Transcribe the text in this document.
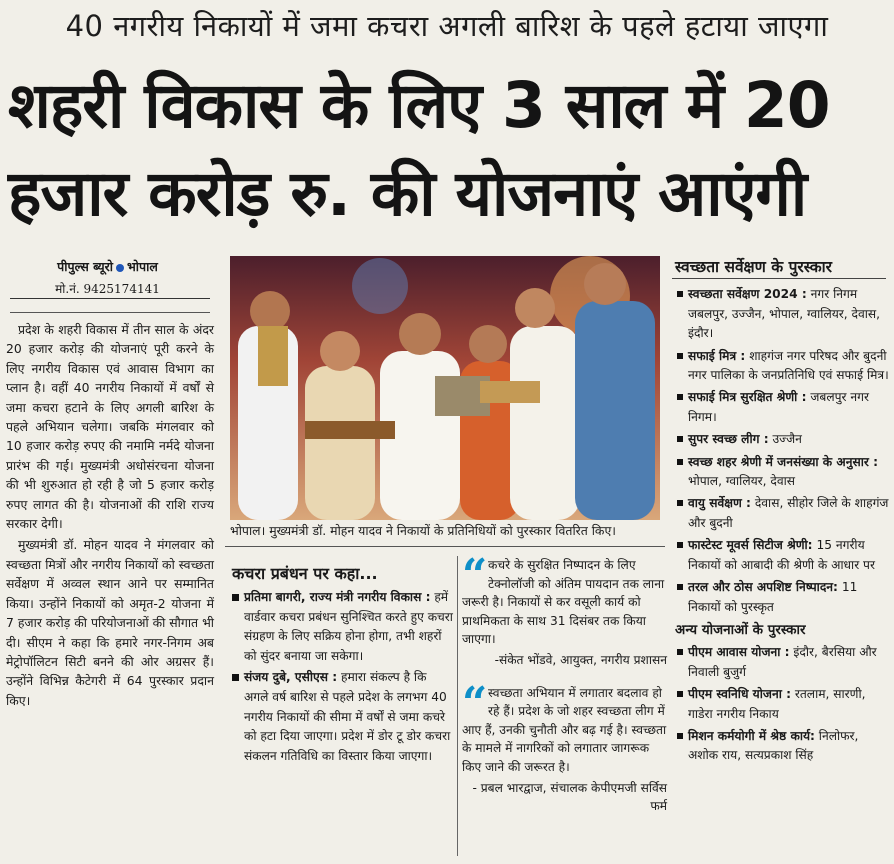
40 नगरीय निकायों में जमा कचरा अगली बारिश के पहले हटाया जाएगा
शहरी विकास के लिए 3 साल में 20
हजार करोड़ रु. की योजनाएं आएंगी
पीपुल्स ब्यूरो भोपाल
मो.नं. 9425174141

प्रदेश के शहरी विकास में तीन साल के अंदर 20 हजार करोड़ की योजनाएं पूरी करने के लिए नगरीय विकास एवं आवास विभाग का प्लान है। वहीं 40 नगरीय निकायों में वर्षों से जमा कचरा हटाने के लिए अगली बारिश के पहले अभियान चलेगा। जबकि मंगलवार को 10 हजार करोड़ रुपए की नमामि नर्मदे योजना प्रारंभ की गई। मुख्यमंत्री अधोसंरचना योजना की भी शुरुआत हो रही है जो 5 हजार करोड़ रुपए लागत की है। योजनाओं की राशि राज्य सरकार देगी।

मुख्यमंत्री डॉ. मोहन यादव ने मंगलवार को स्वच्छता मित्रों और नगरीय निकायों को स्वच्छता सर्वेक्षण में अव्वल स्थान आने पर सम्मानित किया। उन्होंने निकायों को अमृत-2 योजना में 7 हजार करोड़ की परियोजनाओं की सौगात भी दी। सीएम ने कहा कि हमारे नगर-निगम अब मेट्रोपॉलिटन सिटी बनने की ओर अग्रसर हैं। उन्होंने विभिन्न कैटेगरी में 64 पुरस्कार प्रदान किए।

भोपाल। मुख्यमंत्री डॉ. मोहन यादव ने निकायों के प्रतिनिधियों को पुरस्कार वितरित किए।
कचरा प्रबंधन पर कहा...
प्रतिमा बागरी, राज्य मंत्री नगरीय विकास : हमें वार्डवार कचरा प्रबंधन सुनिश्चित करते हुए कचरा संग्रहण के लिए सक्रिय होना होगा, तभी शहरों को सुंदर बनाया जा सकेगा।
संजय दुबे, एसीएस : हमारा संकल्प है कि अगले वर्ष बारिश से पहले प्रदेश के लगभग 40 नगरीय निकायों की सीमा में वर्षों से जमा कचरे को हटा दिया जाएगा। प्रदेश में डोर टू डोर कचरा संकलन गतिविधि का विस्तार किया जाएगा।
“ कचरे के सुरक्षित निष्पादन के लिए टेक्नोलॉजी को अंतिम पायदान तक लाना जरूरी है। निकायों से कर वसूली कार्य को प्राथमिकता के साथ 31 दिसंबर तक किया जाएगा।
-संकेत भोंडवे, आयुक्त, नगरीय प्रशासन
“ स्वच्छता अभियान में लगातार बदलाव हो रहे हैं। प्रदेश के जो शहर स्वच्छता लीग में आए हैं, उनकी चुनौती और बढ़ गई है। स्वच्छता के मामले में नागरिकों को लगातार जागरूक किए जाने की जरूरत है।
- प्रबल भारद्वाज, संचालक केपीएमजी सर्विस फर्म
स्वच्छता सर्वेक्षण के पुरस्कार
स्वच्छता सर्वेक्षण 2024 : नगर निगम जबलपुर, उज्जैन, भोपाल, ग्वालियर, देवास, इंदौर।
सफाई मित्र : शाहगंज नगर परिषद और बुदनी नगर पालिका के जनप्रतिनिधि एवं सफाई मित्र।
सफाई मित्र सुरक्षित श्रेणी : जबलपुर नगर निगम।
सुपर स्वच्छ लीग : उज्जैन
स्वच्छ शहर श्रेणी में जनसंख्या के अनुसार : भोपाल, ग्वालियर, देवास
वायु सर्वेक्षण : देवास, सीहोर जिले के शाहगंज और बुदनी
फास्टेस्ट मूवर्स सिटीज श्रेणी: 15 नगरीय निकायों को आबादी की श्रेणी के आधार पर
तरल और ठोस अपशिष्ट निष्पादन: 11 निकायों को पुरस्कृत
अन्य योजनाओं के पुरस्कार
पीएम आवास योजना : इंदौर, बैरसिया और निवाली बुजुर्ग
पीएम स्वनिधि योजना : रतलाम, सारणी, गाडेरा नगरीय निकाय
मिशन कर्मयोगी में श्रेष्ठ कार्य: निलोफर, अशोक राय, सत्यप्रकाश सिंह
